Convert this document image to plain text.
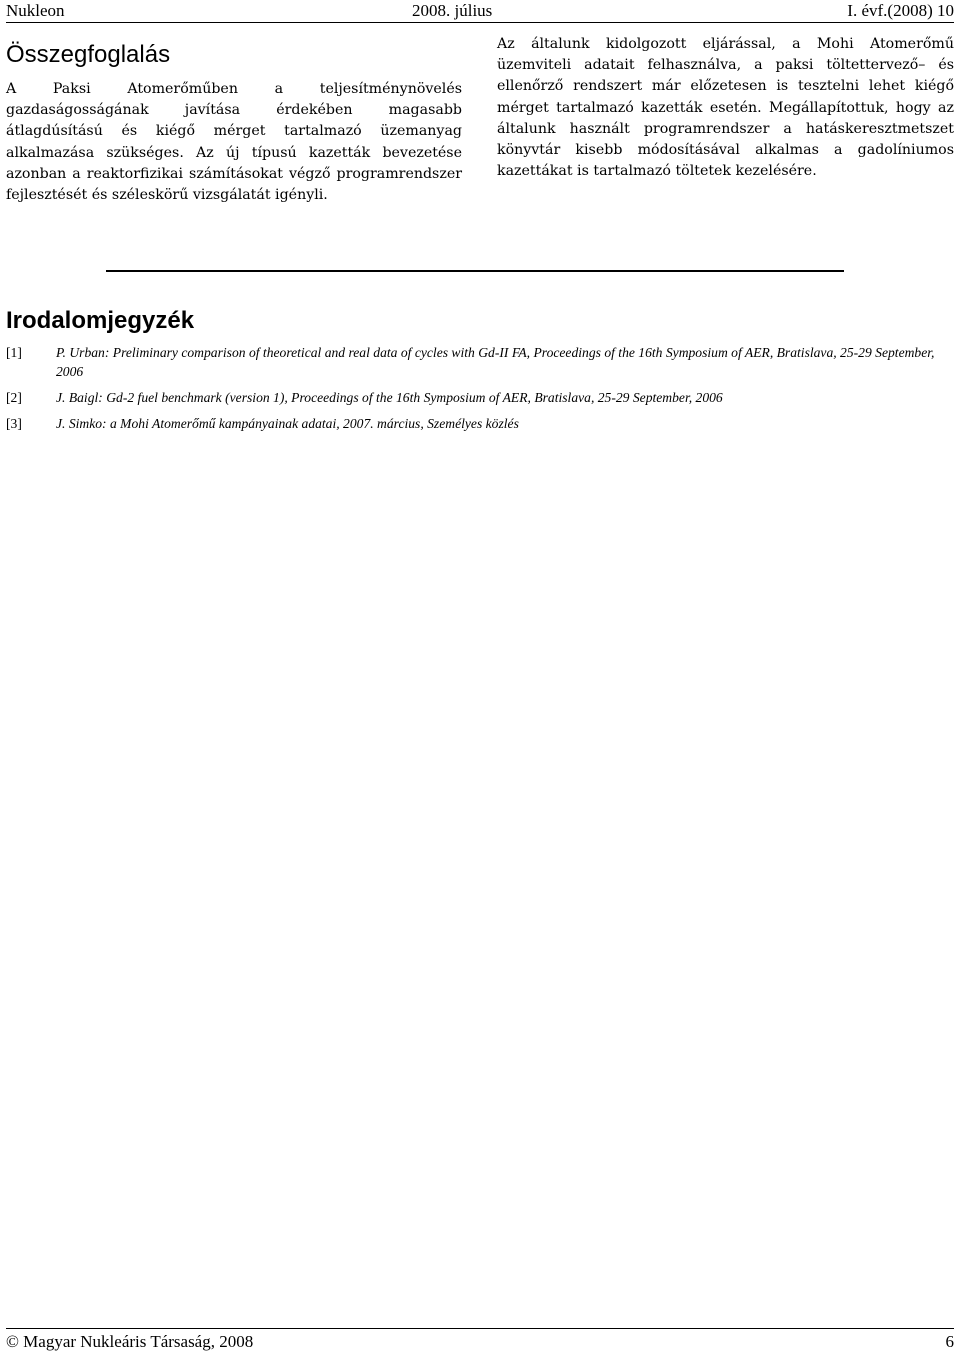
Nukleon	2008. július	I. évf.(2008) 10
Összegfoglalás

A Paksi Atomerőműben a teljesítménynövelés gazdaságosságának javítása érdekében magasabb átlagdúsítású és kiégő mérget tartalmazó üzemanyag alkalmazása szükséges. Az új típusú kazetták bevezetése azonban a reaktorfizikai számításokat végző programrendszer fejlesztését és széleskörű vizsgálatát igényli.

Az általunk kidolgozott eljárással, a Mohi Atomerőmű üzemviteli adatait felhasználva, a paksi töltettervező– és ellenőrző rendszert már előzetesen is tesztelni lehet kiégő mérget tartalmazó kazetták esetén. Megállapítottuk, hogy az általunk használt programrendszer a hatáskeresztmetszet könyvtár kisebb módosításával alkalmas a gadolíniumos kazettákat is tartalmazó töltetek kezelésére.

Irodalomjegyzék
[1]	P. Urban: Preliminary comparison of theoretical and real data of cycles with Gd-II FA, Proceedings of the 16th Symposium of AER, Bratislava, 25-29 September, 2006
[2]	J. Baigl: Gd-2 fuel benchmark (version 1), Proceedings of the 16th Symposium of AER, Bratislava, 25-29 September, 2006
[3]	J. Simko: a Mohi Atomerőmű kampányainak adatai, 2007. március, Személyes közlés
© Magyar Nukleáris Társaság, 2008	6
